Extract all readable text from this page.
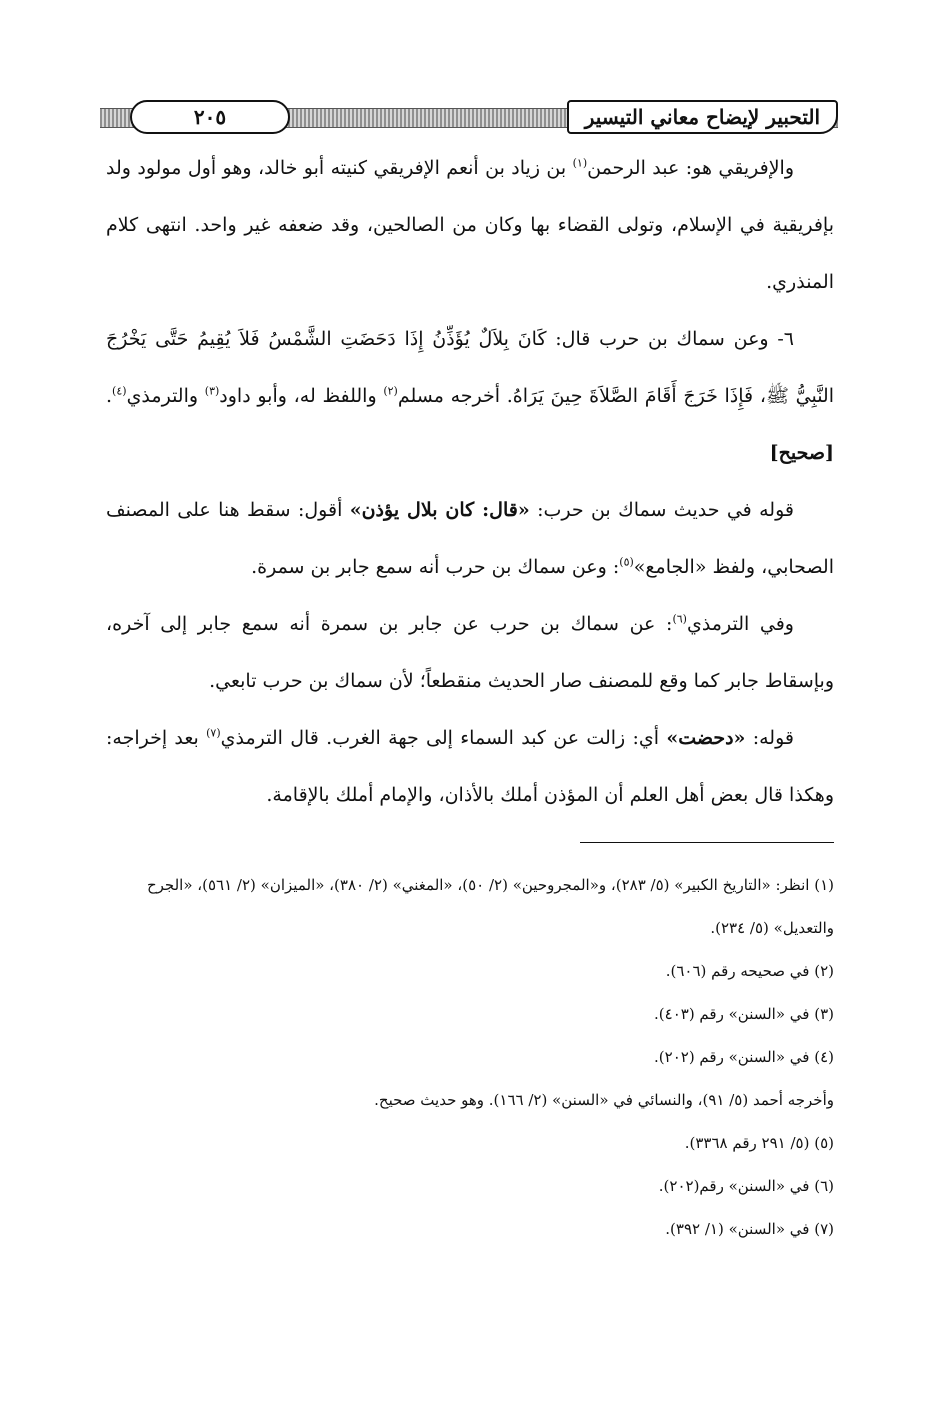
٢٠٥	التحبير لإيضاح معاني التيسير

والإفريقي هو: عبد الرحمن$^{(١)}$ بن زياد بن أنعم الإفريقي كنيته أبو خالد، وهو أول مولود ولد بإفريقية في الإسلام، وتولى القضاء بها وكان من الصالحين، وقد ضعفه غير واحد. انتهى كلام المنذري.

٦- وعن سماك بن حرب قال: كَانَ بِلاَلٌ يُؤَذِّنُ إِذَا دَحَضَتِ الشَّمْسُ فَلاَ يُقِيمُ حَتَّى يَخْرُجَ النَّبِيُّ ﷺ، فَإِذَا خَرَجَ أَقَامَ الصَّلاَةَ حِينَ يَرَاهُ. أخرجه مسلم$^{(٢)}$ واللفظ له، وأبو داود$^{(٣)}$ والترمذي$^{(٤)}$. [صحيح]

قوله في حديث سماك بن حرب: «قال: كان بلال يؤذن» أقول: سقط هنا على المصنف الصحابي، ولفظ «الجامع»$^{(٥)}$: وعن سماك بن حرب أنه سمع جابر بن سمرة.

وفي الترمذي$^{(٦)}$: عن سماك بن حرب عن جابر بن سمرة أنه سمع جابر إلى آخره، وبإسقاط جابر كما وقع للمصنف صار الحديث منقطعاً؛ لأن سماك بن حرب تابعي.

قوله: «دحضت» أي: زالت عن كبد السماء إلى جهة الغرب. قال الترمذي$^{(٧)}$ بعد إخراجه: وهكذا قال بعض أهل العلم أن المؤذن أملك بالأذان، والإمام أملك بالإقامة.

(١) انظر: «التاريخ الكبير» (٥/ ٢٨٣)، و«المجروحين» (٢/ ٥٠)، «المغني» (٢/ ٣٨٠)، «الميزان» (٢/ ٥٦١)، «الجرح والتعديل» (٥/ ٢٣٤).

(٢) في صحيحه رقم (٦٠٦).

(٣) في «السنن» رقم (٤٠٣).

(٤) في «السنن» رقم (٢٠٢).

وأخرجه أحمد (٥/ ٩١)، والنسائي في «السنن» (٢/ ١٦٦). وهو حديث صحيح.

(٥) (٥/ ٢٩١ رقم ٣٣٦٨).

(٦) في «السنن» رقم(٢٠٢).

(٧) في «السنن» (١/ ٣٩٢).
